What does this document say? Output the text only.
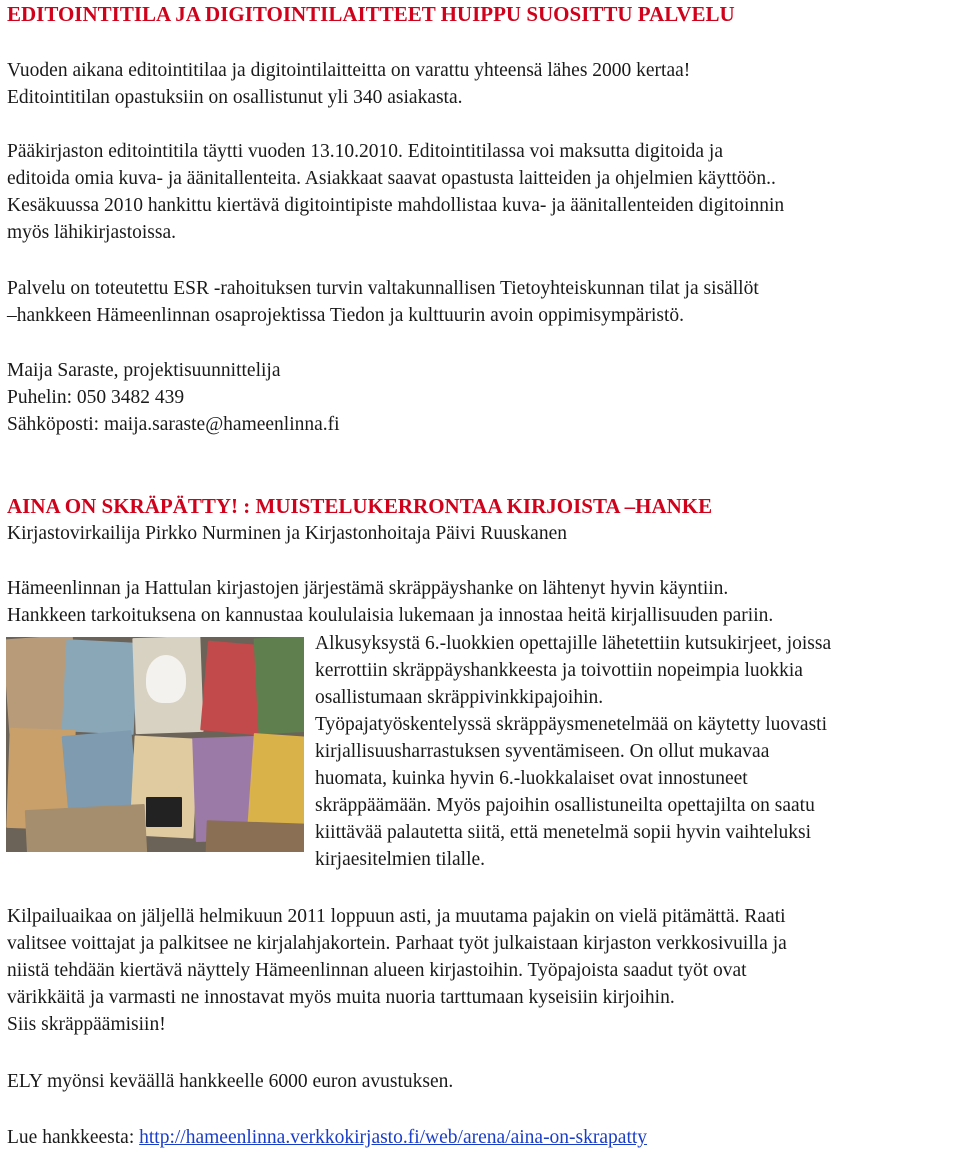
EDITOINTITILA JA DIGITOINTILAITTEET HUIPPU SUOSITTU PALVELU

Vuoden aikana editointitilaa ja digitointilaitteitta on varattu yhteensä lähes 2000 kertaa!

Editointitilan opastuksiin on osallistunut yli 340 asiakasta.

Pääkirjaston editointitila täytti vuoden 13.10.2010. Editointitilassa voi maksutta digitoida ja

editoida omia kuva- ja äänitallenteita. Asiakkaat saavat opastusta laitteiden ja ohjelmien käyttöön..

Kesäkuussa 2010 hankittu kiertävä digitointipiste mahdollistaa kuva- ja äänitallenteiden digitoinnin

myös lähikirjastoissa.

Palvelu on toteutettu ESR -rahoituksen turvin valtakunnallisen Tietoyhteiskunnan tilat ja sisällöt

–hankkeen Hämeenlinnan osaprojektissa Tiedon ja kulttuurin avoin oppimisympäristö.

Maija Saraste, projektisuunnittelija

Puhelin: 050 3482 439

Sähköposti: maija.saraste@hameenlinna.fi

AINA ON SKRÄPÄTTY! : MUISTELUKERRONTAA KIRJOISTA –HANKE

Kirjastovirkailija Pirkko Nurminen ja Kirjastonhoitaja Päivi Ruuskanen

Hämeenlinnan ja Hattulan kirjastojen järjestämä skräppäyshanke on lähtenyt hyvin käyntiin.

Hankkeen tarkoituksena on kannustaa koululaisia lukemaan ja innostaa heitä kirjallisuuden pariin.

Alkusyksystä 6.-luokkien opettajille lähetettiin kutsukirjeet, joissa

kerrottiin skräppäyshankkeesta ja toivottiin nopeimpia luokkia

osallistumaan skräppivinkkipajoihin.

Työpajatyöskentelyssä skräppäysmenetelmää on käytetty luovasti

kirjallisuusharrastuksen syventämiseen. On ollut mukavaa

huomata, kuinka hyvin 6.-luokkalaiset ovat innostuneet

skräppäämään. Myös pajoihin osallistuneilta opettajilta on saatu

kiittävää palautetta siitä, että menetelmä sopii hyvin vaihteluksi

kirjaesitelmien tilalle.

Kilpailuaikaa on jäljellä helmikuun 2011 loppuun asti, ja muutama pajakin on vielä pitämättä. Raati

valitsee voittajat ja palkitsee ne kirjalahjakortein. Parhaat työt julkaistaan kirjaston verkkosivuilla ja

niistä tehdään kiertävä näyttely Hämeenlinnan alueen kirjastoihin. Työpajoista saadut työt ovat

värikkäitä ja varmasti ne innostavat myös muita nuoria tarttumaan kyseisiin kirjoihin.

Siis skräppäämisiin!

ELY myönsi keväällä hankkeelle 6000 euron avustuksen.

Lue hankkeesta: http://hameenlinna.verkkokirjasto.fi/web/arena/aina-on-skrapatty
